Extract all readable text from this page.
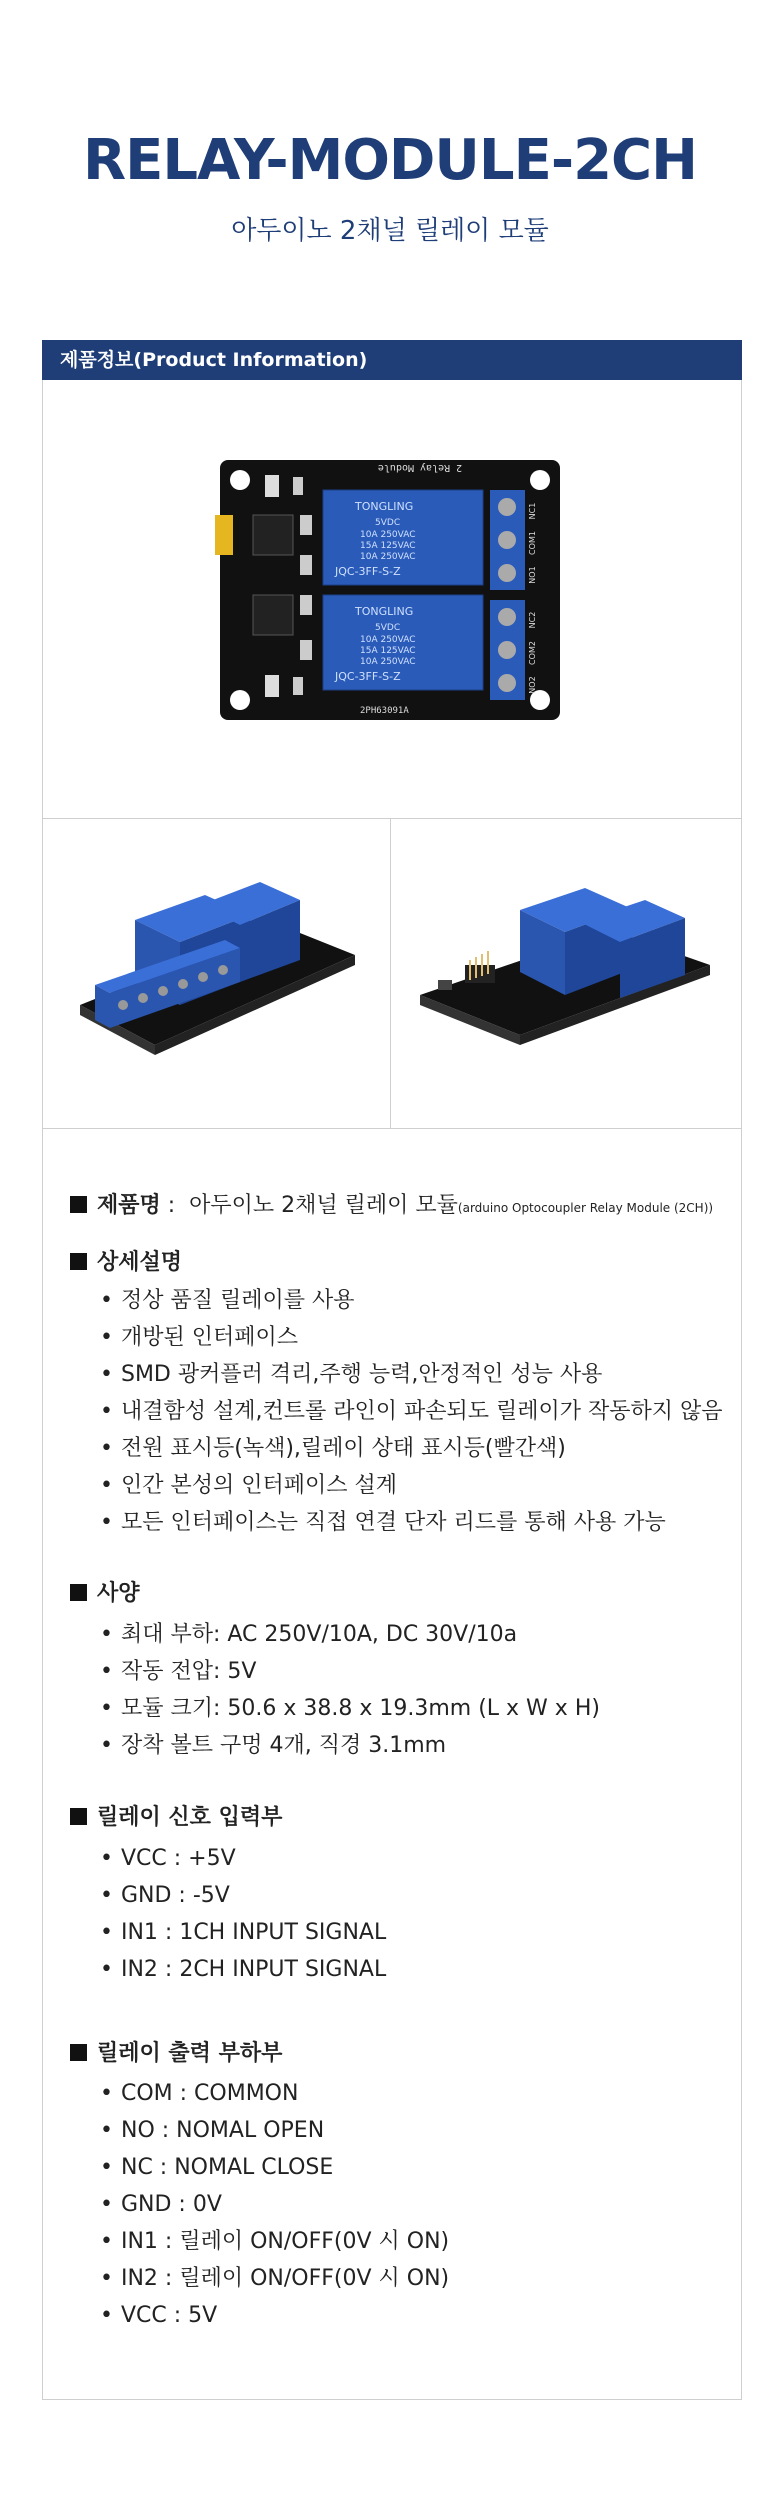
RELAY-MODULE-2CH
아두이노 2채널 릴레이 모듈
제품정보(Product Information)
2 Relay Module
TONGLING
5VDC
10A 250VAC
15A 125VAC
10A 250VAC
JQC-3FF-S-Z
TONGLING
5VDC
10A 250VAC
15A 125VAC
10A 250VAC
JQC-3FF-S-Z
NC1
COM1
NO1
NC2
COM2
NO2
2PH63091A
제품명 : 아두이노 2채널 릴레이 모듈(arduino Optocoupler Relay Module (2CH))
상세설명
• 정상 품질 릴레이를 사용
• 개방된 인터페이스
• SMD 광커플러 격리,주행 능력,안정적인 성능 사용
• 내결함성 설계,컨트롤 라인이 파손되도 릴레이가 작동하지 않음
• 전원 표시등(녹색),릴레이 상태 표시등(빨간색)
• 인간 본성의 인터페이스 설계
• 모든 인터페이스는 직접 연결 단자 리드를 통해 사용 가능
사양
• 최대 부하: AC 250V/10A, DC 30V/10a
• 작동 전압: 5V
• 모듈 크기: 50.6 x 38.8 x 19.3mm (L x W x H)
• 장착 볼트 구멍 4개, 직경 3.1mm
릴레이 신호 입력부
• VCC : +5V
• GND : -5V
• IN1 : 1CH INPUT SIGNAL
• IN2 : 2CH INPUT SIGNAL
릴레이 출력 부하부
• COM : COMMON
• NO : NOMAL OPEN
• NC : NOMAL CLOSE
• GND : 0V
• IN1 : 릴레이 ON/OFF(0V 시 ON)
• IN2 : 릴레이 ON/OFF(0V 시 ON)
• VCC : 5V
